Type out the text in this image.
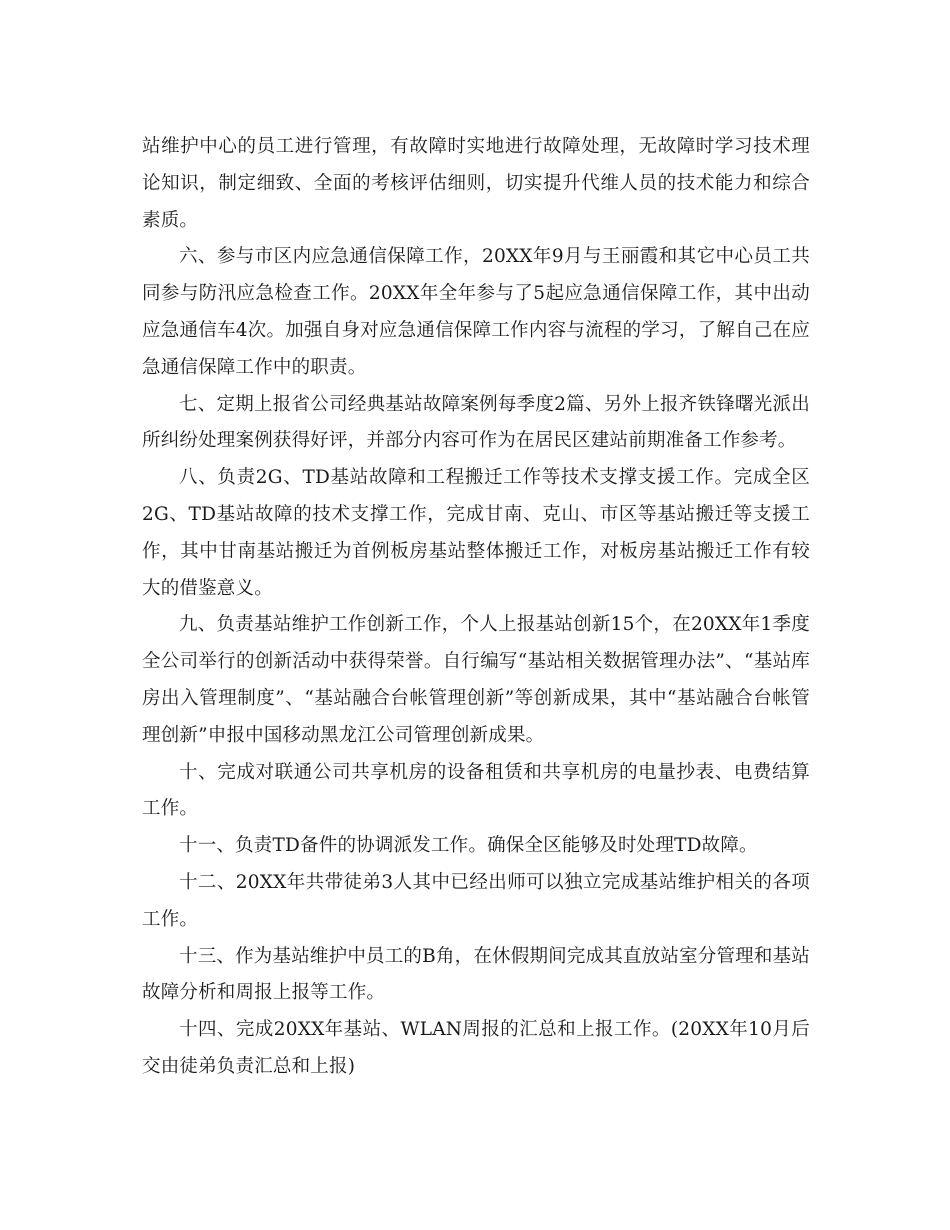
站维护中心的员工进行管理，有故障时实地进行故障处理，无故障时学习技术理论知识，制定细致、全面的考核评估细则，切实提升代维人员的技术能力和综合素质。

六、参与市区内应急通信保障工作，20XX年9月与王丽霞和其它中心员工共同参与防汛应急检查工作。20XX年全年参与了5起应急通信保障工作，其中出动应急通信车4次。加强自身对应急通信保障工作内容与流程的学习，了解自己在应急通信保障工作中的职责。

七、定期上报省公司经典基站故障案例每季度2篇、另外上报齐铁锋曙光派出所纠纷处理案例获得好评，并部分内容可作为在居民区建站前期准备工作参考。

八、负责2G、TD基站故障和工程搬迁工作等技术支撑支援工作。完成全区2G、TD基站故障的技术支撑工作，完成甘南、克山、市区等基站搬迁等支援工作，其中甘南基站搬迁为首例板房基站整体搬迁工作，对板房基站搬迁工作有较大的借鉴意义。

九、负责基站维护工作创新工作，个人上报基站创新15个，在20XX年1季度全公司举行的创新活动中获得荣誉。自行编写“基站相关数据管理办法”、“基站库房出入管理制度”、“基站融合台帐管理创新”等创新成果，其中“基站融合台帐管理创新”申报中国移动黑龙江公司管理创新成果。

十、完成对联通公司共享机房的设备租赁和共享机房的电量抄表、电费结算工作。

十一、负责TD备件的协调派发工作。确保全区能够及时处理TD故障。

十二、20XX年共带徒弟3人其中已经出师可以独立完成基站维护相关的各项工作。

十三、作为基站维护中员工的B角，在休假期间完成其直放站室分管理和基站故障分析和周报上报等工作。

十四、完成20XX年基站、WLAN周报的汇总和上报工作。(20XX年10月后交由徒弟负责汇总和上报)
